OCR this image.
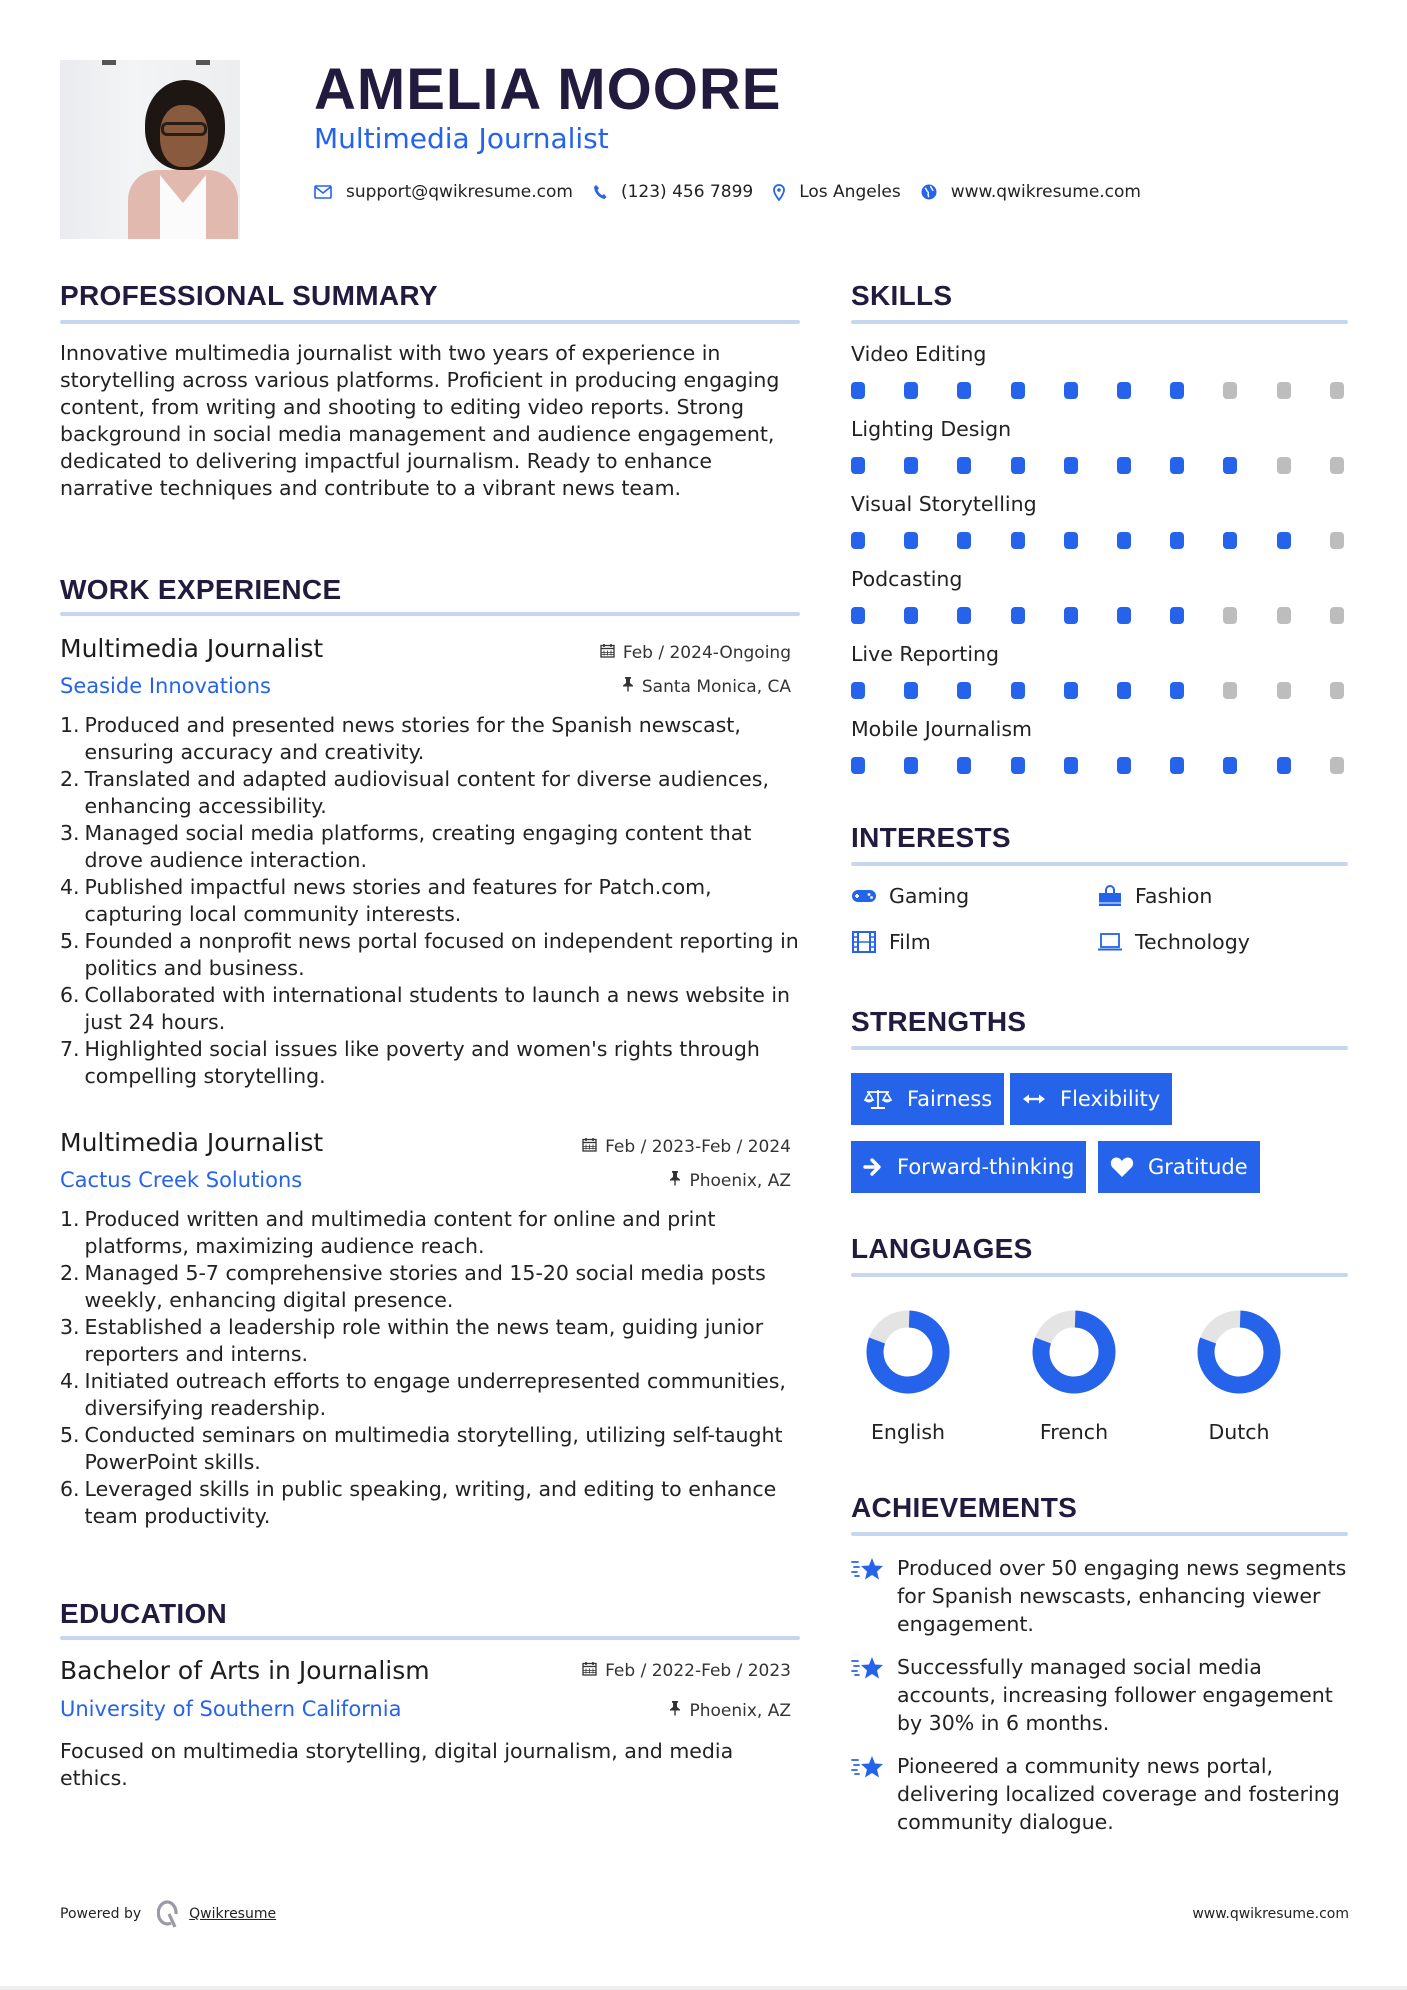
AMELIA MOORE
Multimedia Journalist
support@qwikresume.com	(123) 456 7899	Los Angeles	www.qwikresume.com
PROFESSIONAL SUMMARY
Innovative multimedia journalist with two years of experience in storytelling across various platforms. Proficient in producing engaging content, from writing and shooting to editing video reports. Strong background in social media management and audience engagement, dedicated to delivering impactful journalism. Ready to enhance narrative techniques and contribute to a vibrant news team.
WORK EXPERIENCE
Multimedia Journalist	Feb / 2024-Ongoing
Seaside Innovations	Santa Monica, CA
1.
Produced and presented news stories for the Spanish newscast, ensuring accuracy and creativity.
2.
Translated and adapted audiovisual content for diverse audiences, enhancing accessibility.
3.
Managed social media platforms, creating engaging content that drove audience interaction.
4.
Published impactful news stories and features for Patch.com, capturing local community interests.
5.
Founded a nonprofit news portal focused on independent reporting in politics and business.
6.
Collaborated with international students to launch a news website in just 24 hours.
7.
Highlighted social issues like poverty and women's rights through compelling storytelling.
Multimedia Journalist	Feb / 2023-Feb / 2024
Cactus Creek Solutions	Phoenix, AZ
1.
Produced written and multimedia content for online and print platforms, maximizing audience reach.
2.
Managed 5-7 comprehensive stories and 15-20 social media posts weekly, enhancing digital presence.
3.
Established a leadership role within the news team, guiding junior reporters and interns.
4.
Initiated outreach efforts to engage underrepresented communities, diversifying readership.
5.
Conducted seminars on multimedia storytelling, utilizing self-taught PowerPoint skills.
6.
Leveraged skills in public speaking, writing, and editing to enhance team productivity.
EDUCATION
Bachelor of Arts in Journalism	Feb / 2022-Feb / 2023
University of Southern California	Phoenix, AZ
Focused on multimedia storytelling, digital journalism, and media ethics.
SKILLS
Video Editing
Lighting Design
Visual Storytelling
Podcasting
Live Reporting
Mobile Journalism
INTERESTS
Gaming	Fashion
Film	Technology
STRENGTHS
Fairness	Flexibility
Forward-thinking	Gratitude
LANGUAGES
English	French	Dutch
ACHIEVEMENTS
Produced over 50 engaging news segments for Spanish newscasts, enhancing viewer engagement.
Successfully managed social media accounts, increasing follower engagement by 30% in 6 months.
Pioneered a community news portal, delivering localized coverage and fostering community dialogue.
Powered by	Qwikresume	www.qwikresume.com
